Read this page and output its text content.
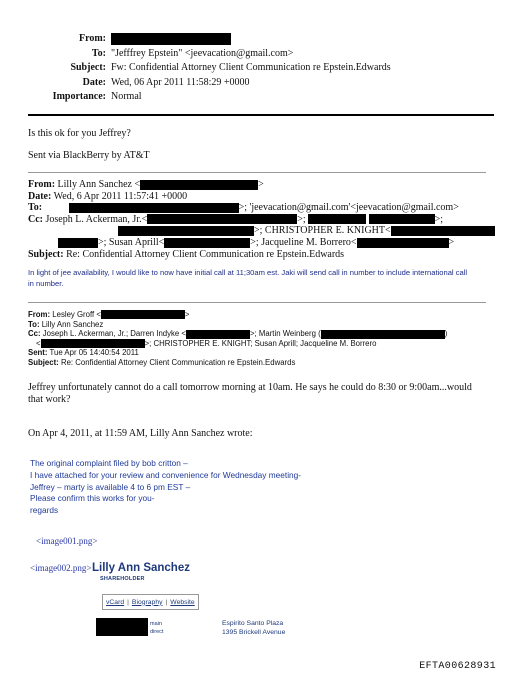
From:
To: "Jefffrey Epstein" <jeevacation@gmail.com>
Subject: Fw: Confidential Attorney Client Communication re Epstein.Edwards
Date: Wed, 06 Apr 2011 11:58:29 +0000
Importance: Normal
Is this ok for you Jeffrey?
Sent via BlackBerry by AT&T
From: Lilly Ann Sanchez <	>
Date: Wed, 6 Apr 2011 11:57:41 +0000
To:	>; 'jeevacation@gmail.com'<jeevacation@gmail.com>
Cc: Joseph L. Ackerman, Jr.<	>;	>;
>; CHRISTOPHER E. KNIGHT<
>; Susan Aprill<	>; Jacqueline M. Borrero<	>
Subject: Re: Confidential Attorney Client Communication re Epstein.Edwards
In light of jee availability, I would like to now have initial call at 11;30am est. Jaki will send call in number to include international call in number.
From: Lesley Groff <	>
To: Lilly Ann Sanchez
Cc: Joseph L. Ackerman, Jr.; Darren Indyke <	>; Martin Weinberg (	)
<	>; CHRISTOPHER E. KNIGHT; Susan Aprill; Jacqueline M. Borrero
Sent: Tue Apr 05 14:40:54 2011
Subject: Re: Confidential Attorney Client Communication re Epstein.Edwards
Jeffrey unfortunately cannot do a call tomorrow morning at 10am. He says he could do 8:30 or 9:00am...would that work?
On Apr 4, 2011, at 11:59 AM, Lilly Ann Sanchez wrote:
The original complaint filed by bob critton –
I have attached for your review and convenience for Wednesday meeting-
Jeffrey – marty is available 4 to 6 pm EST –
Please confirm this works for you-
regards
<image001.png>
<image002.png> Lilly Ann Sanchez
SHAREHOLDER
vCard | Biography | Website
main
direct
Espirito Santo Plaza
1395 Brickell Avenue
EFTA00628931
